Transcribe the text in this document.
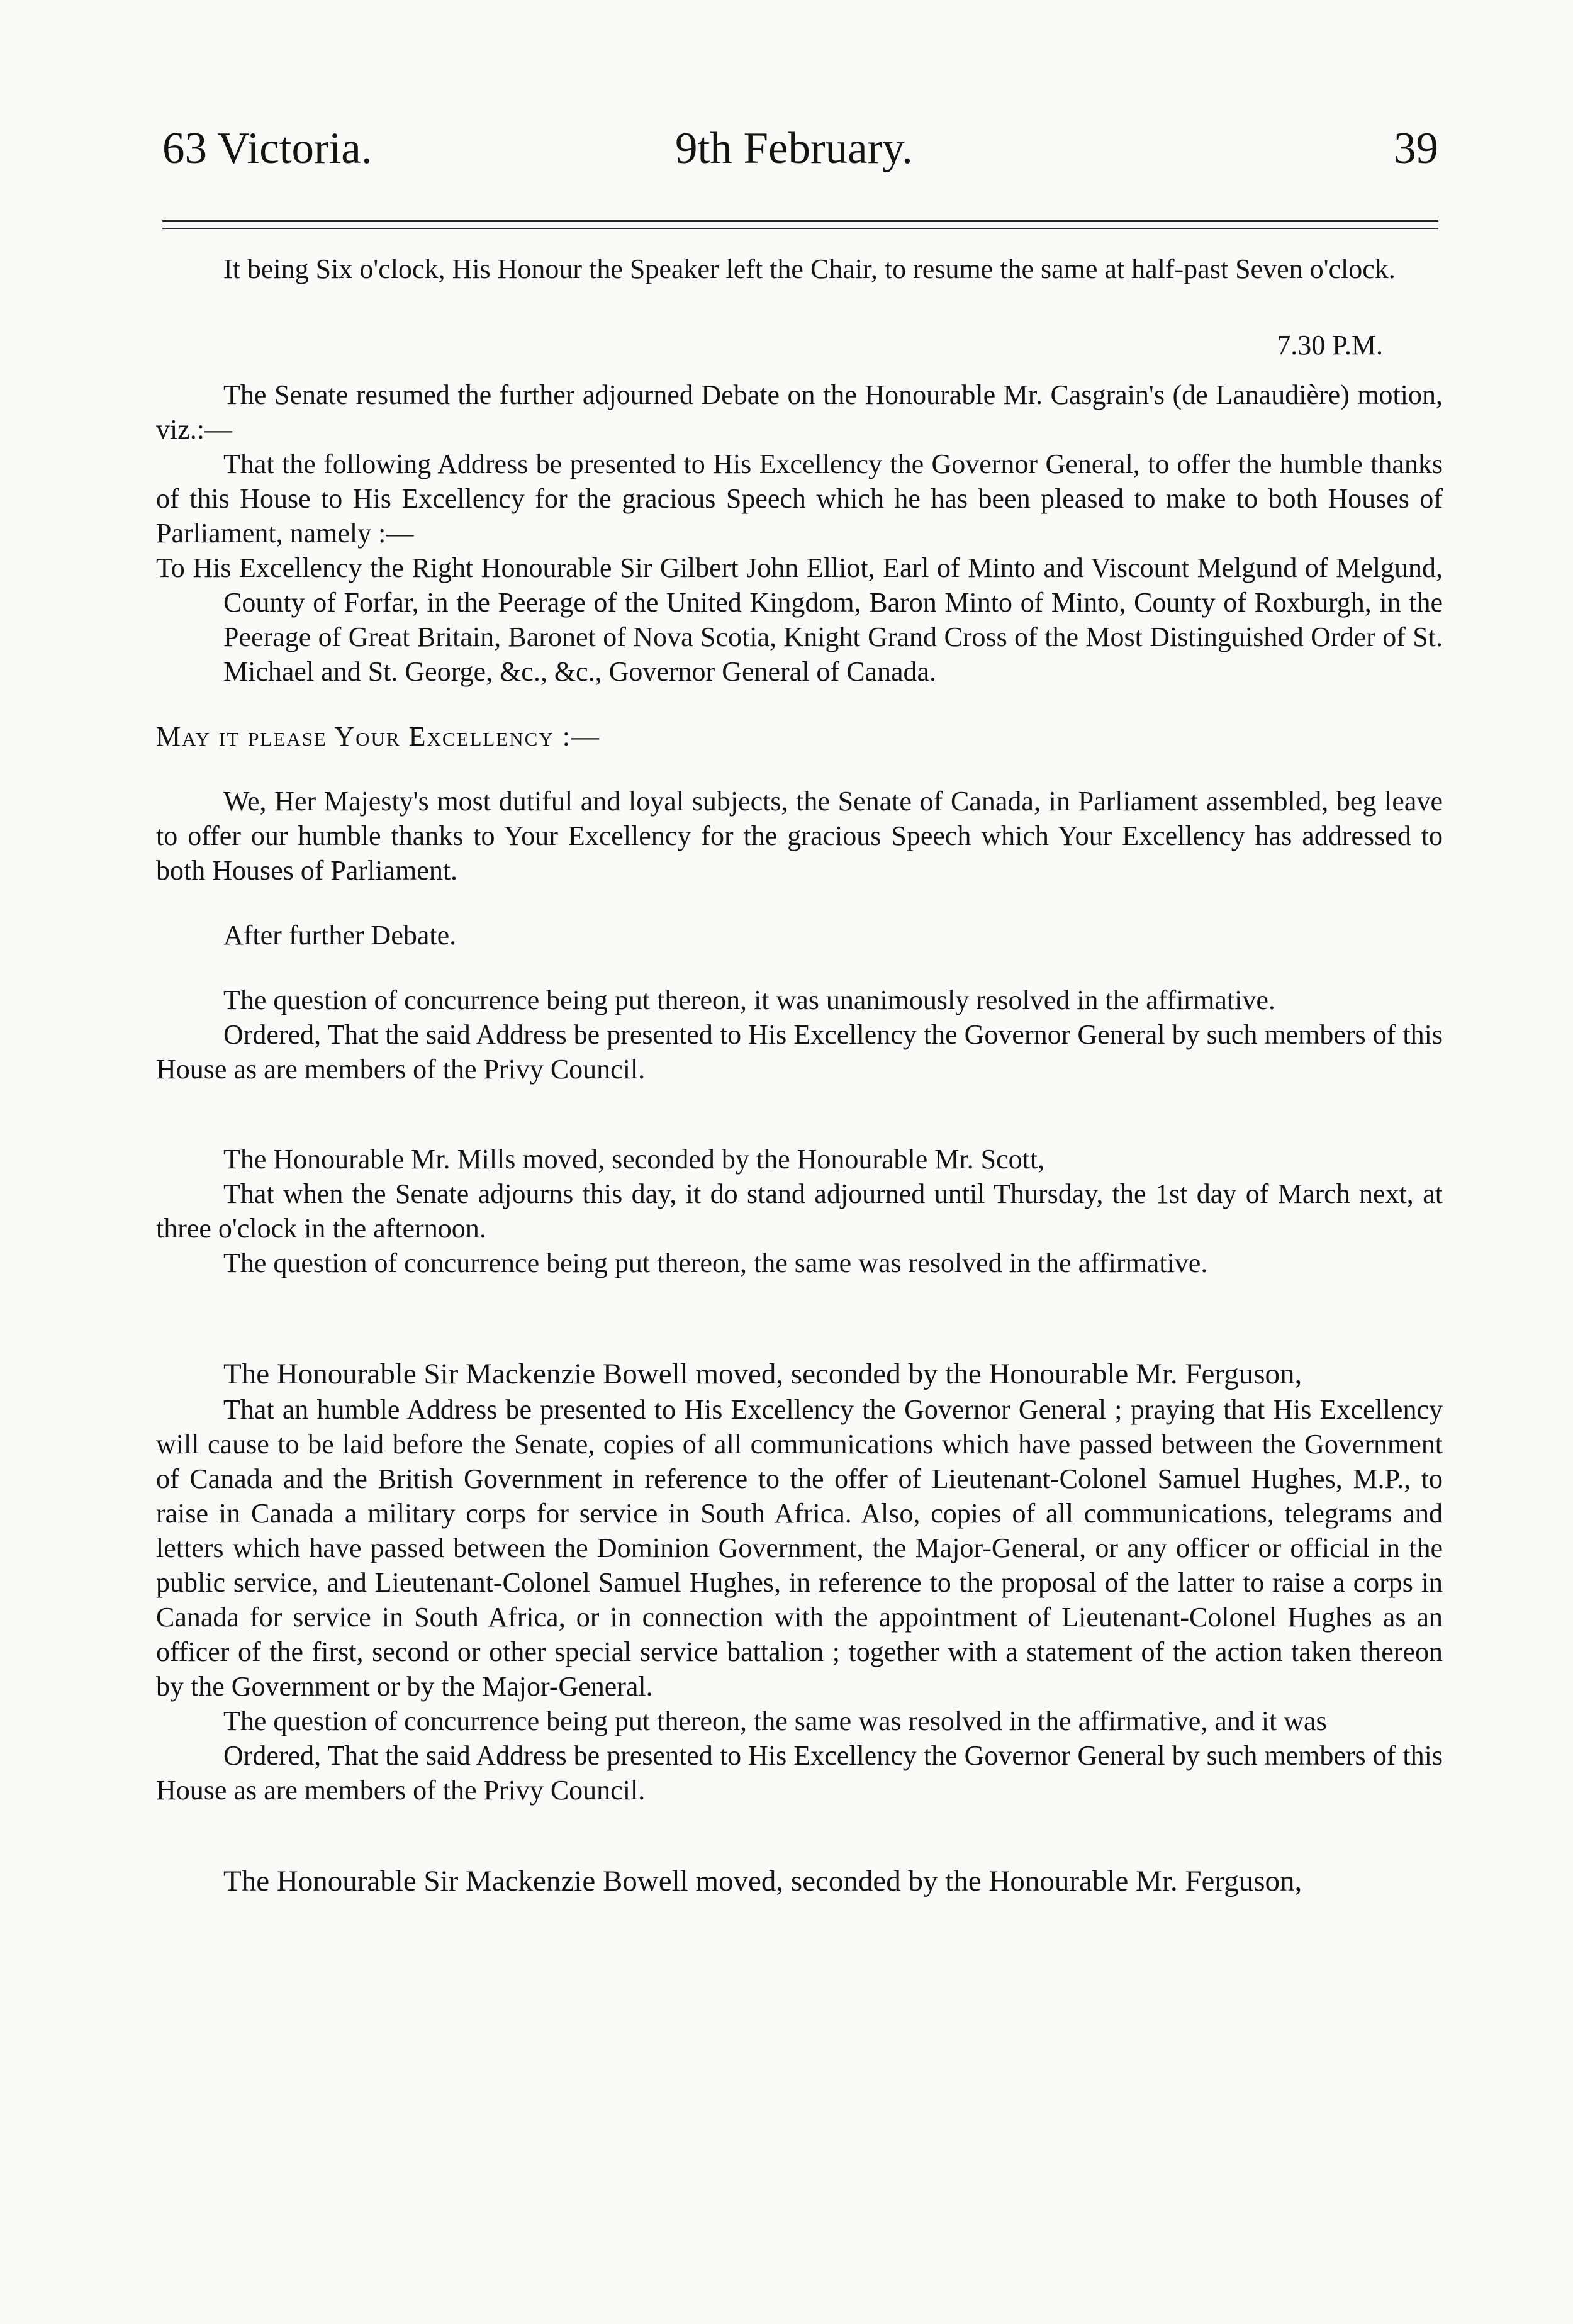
63 Victoria.	9th February.	39

It being Six o'clock, His Honour the Speaker left the Chair, to resume the same at half-past Seven o'clock.

7.30 P.M.

The Senate resumed the further adjourned Debate on the Honourable Mr. Casgrain's (de Lanaudière) motion, viz.:—

That the following Address be presented to His Excellency the Governor General, to offer the humble thanks of this House to His Excellency for the gracious Speech which he has been pleased to make to both Houses of Parliament, namely :—

To His Excellency the Right Honourable Sir Gilbert John Elliot, Earl of Minto and Viscount Melgund of Melgund, County of Forfar, in the Peerage of the United Kingdom, Baron Minto of Minto, County of Roxburgh, in the Peerage of Great Britain, Baronet of Nova Scotia, Knight Grand Cross of the Most Distinguished Order of St. Michael and St. George, &c., &c., Governor General of Canada.

May it please Your Excellency :—

We, Her Majesty's most dutiful and loyal subjects, the Senate of Canada, in Parliament assembled, beg leave to offer our humble thanks to Your Excellency for the gracious Speech which Your Excellency has addressed to both Houses of Parliament.

After further Debate.

The question of concurrence being put thereon, it was unanimously resolved in the affirmative.

Ordered, That the said Address be presented to His Excellency the Governor General by such members of this House as are members of the Privy Council.

The Honourable Mr. Mills moved, seconded by the Honourable Mr. Scott,

That when the Senate adjourns this day, it do stand adjourned until Thursday, the 1st day of March next, at three o'clock in the afternoon.

The question of concurrence being put thereon, the same was resolved in the affirmative.

The Honourable Sir Mackenzie Bowell moved, seconded by the Honourable Mr. Ferguson,

That an humble Address be presented to His Excellency the Governor General ; praying that His Excellency will cause to be laid before the Senate, copies of all communications which have passed between the Government of Canada and the British Government in reference to the offer of Lieutenant-Colonel Samuel Hughes, M.P., to raise in Canada a military corps for service in South Africa. Also, copies of all communications, telegrams and letters which have passed between the Dominion Government, the Major-General, or any officer or official in the public service, and Lieutenant-Colonel Samuel Hughes, in reference to the proposal of the latter to raise a corps in Canada for service in South Africa, or in connection with the appointment of Lieutenant-Colonel Hughes as an officer of the first, second or other special service battalion ; together with a statement of the action taken thereon by the Government or by the Major-General.

The question of concurrence being put thereon, the same was resolved in the affirmative, and it was

Ordered, That the said Address be presented to His Excellency the Governor General by such members of this House as are members of the Privy Council.

The Honourable Sir Mackenzie Bowell moved, seconded by the Honourable Mr. Ferguson,
